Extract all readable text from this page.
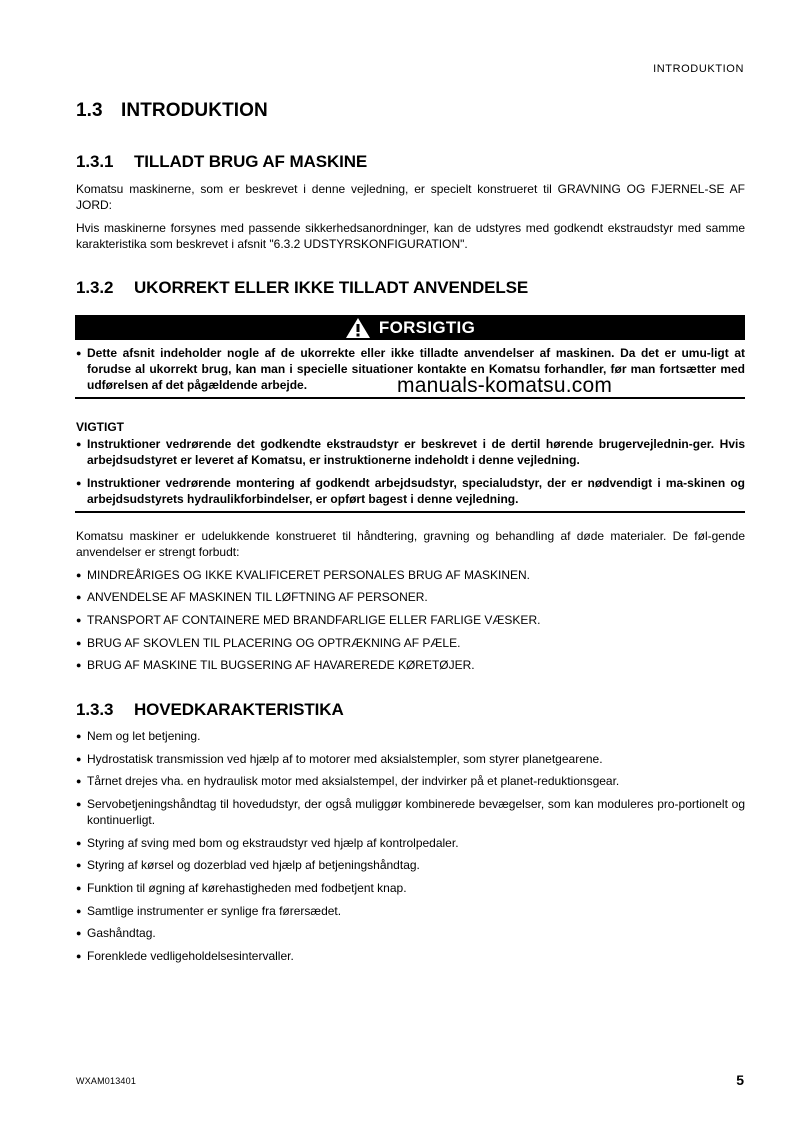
INTRODUKTION
1.3 INTRODUKTION
1.3.1 TILLADT BRUG AF MASKINE

Komatsu maskinerne, som er beskrevet i denne vejledning, er specielt konstrueret til GRAVNING OG FJERNEL-SE AF JORD:

Hvis maskinerne forsynes med passende sikkerhedsanordninger, kan de udstyres med godkendt ekstraudstyr med samme karakteristika som beskrevet i afsnit "6.3.2 UDSTYRSKONFIGURATION".

1.3.2 UKORREKT ELLER IKKE TILLADT ANVENDELSE
FORSIGTIG
● Dette afsnit indeholder nogle af de ukorrekte eller ikke tilladte anvendelser af maskinen. Da det er umu-ligt at forudse al ukorrekt brug, kan man i specielle situationer kontakte en Komatsu forhandler, før man fortsætter med udførelsen af det pågældende arbejde.	manuals-komatsu.com
VIGTIGT
● Instruktioner vedrørende det godkendte ekstraudstyr er beskrevet i de dertil hørende brugervejlednin-ger. Hvis arbejdsudstyret er leveret af Komatsu, er instruktionerne indeholdt i denne vejledning.
● Instruktioner vedrørende montering af godkendt arbejdsudstyr, specialudstyr, der er nødvendigt i ma-skinen og arbejdsudstyrets hydraulikforbindelser, er opført bagest i denne vejledning.

Komatsu maskiner er udelukkende konstrueret til håndtering, gravning og behandling af døde materialer. De føl-gende anvendelser er strengt forbudt:

● MINDREÅRIGES OG IKKE KVALIFICERET PERSONALES BRUG AF MASKINEN.
● ANVENDELSE AF MASKINEN TIL LØFTNING AF PERSONER.
● TRANSPORT AF CONTAINERE MED BRANDFARLIGE ELLER FARLIGE VÆSKER.
● BRUG AF SKOVLEN TIL PLACERING OG OPTRÆKNING AF PÆLE.
● BRUG AF MASKINE TIL BUGSERING AF HAVAREREDE KØRETØJER.
1.3.3 HOVEDKARAKTERISTIKA
● Nem og let betjening.
● Hydrostatisk transmission ved hjælp af to motorer med aksialstempler, som styrer planetgearene.
● Tårnet drejes vha. en hydraulisk motor med aksialstempel, der indvirker på et planet-reduktionsgear.
● Servobetjeningshåndtag til hovedudstyr, der også muliggør kombinerede bevægelser, som kan moduleres pro-portionelt og kontinuerligt.
● Styring af sving med bom og ekstraudstyr ved hjælp af kontrolpedaler.
● Styring af kørsel og dozerblad ved hjælp af betjeningshåndtag.
● Funktion til øgning af kørehastigheden med fodbetjent knap.
● Samtlige instrumenter er synlige fra førersædet.
● Gashåndtag.
● Forenklede vedligeholdelsesintervaller.
WXAM013401	5
